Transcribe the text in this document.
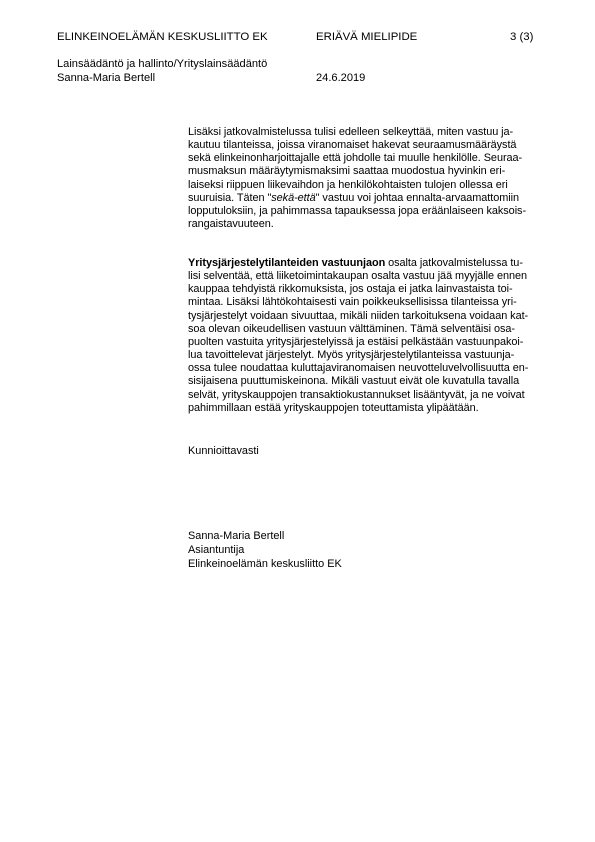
ELINKEINOELÄMÄN KESKUSLIITTO EK	ERIÄVÄ MIELIPIDE	3 (3)
Lainsäädäntö ja hallinto/Yrityslainsäädäntö
Sanna-Maria Bertell	24.6.2019
Lisäksi jatkovalmistelussa tulisi edelleen selkeyttää, miten vastuu ja-
kautuu tilanteissa, joissa viranomaiset hakevat seuraamusmääräystä
sekä elinkeinonharjoittajalle että johdolle tai muulle henkilölle. Seuraa-
musmaksun määräytymismaksimi saattaa muodostua hyvinkin eri-
laiseksi riippuen liikevaihdon ja henkilökohtaisten tulojen ollessa eri
suuruisia. Täten "sekä-että" vastuu voi johtaa ennalta-arvaamattomiin
lopputuloksiin, ja pahimmassa tapauksessa jopa eräänlaiseen kaksois-
rangaistavuuteen.
Yritysjärjestelytilanteiden vastuunjaon osalta jatkovalmistelussa tu-
lisi selventää, että liiketoimintakaupan osalta vastuu jää myyjälle ennen
kauppaa tehdyistä rikkomuksista, jos ostaja ei jatka lainvastaista toi-
mintaa. Lisäksi lähtökohtaisesti vain poikkeuksellisissa tilanteissa yri-
tysjärjestelyt voidaan sivuuttaa, mikäli niiden tarkoituksena voidaan kat-
soa olevan oikeudellisen vastuun välttäminen. Tämä selventäisi osa-
puolten vastuita yritysjärjestelyissä ja estäisi pelkästään vastuunpakoi-
lua tavoittelevat järjestelyt. Myös yritysjärjestelytilanteissa vastuunja-
ossa tulee noudattaa kuluttajaviranomaisen neuvotteluvelvollisuutta en-
sisijaisena puuttumiskeinona. Mikäli vastuut eivät ole kuvatulla tavalla
selvät, yrityskauppojen transaktiokustannukset lisääntyvät, ja ne voivat
pahimmillaan estää yrityskauppojen toteuttamista ylipäätään.
Kunnioittavasti
Sanna-Maria Bertell
Asiantuntija
Elinkeinoelämän keskusliitto EK
